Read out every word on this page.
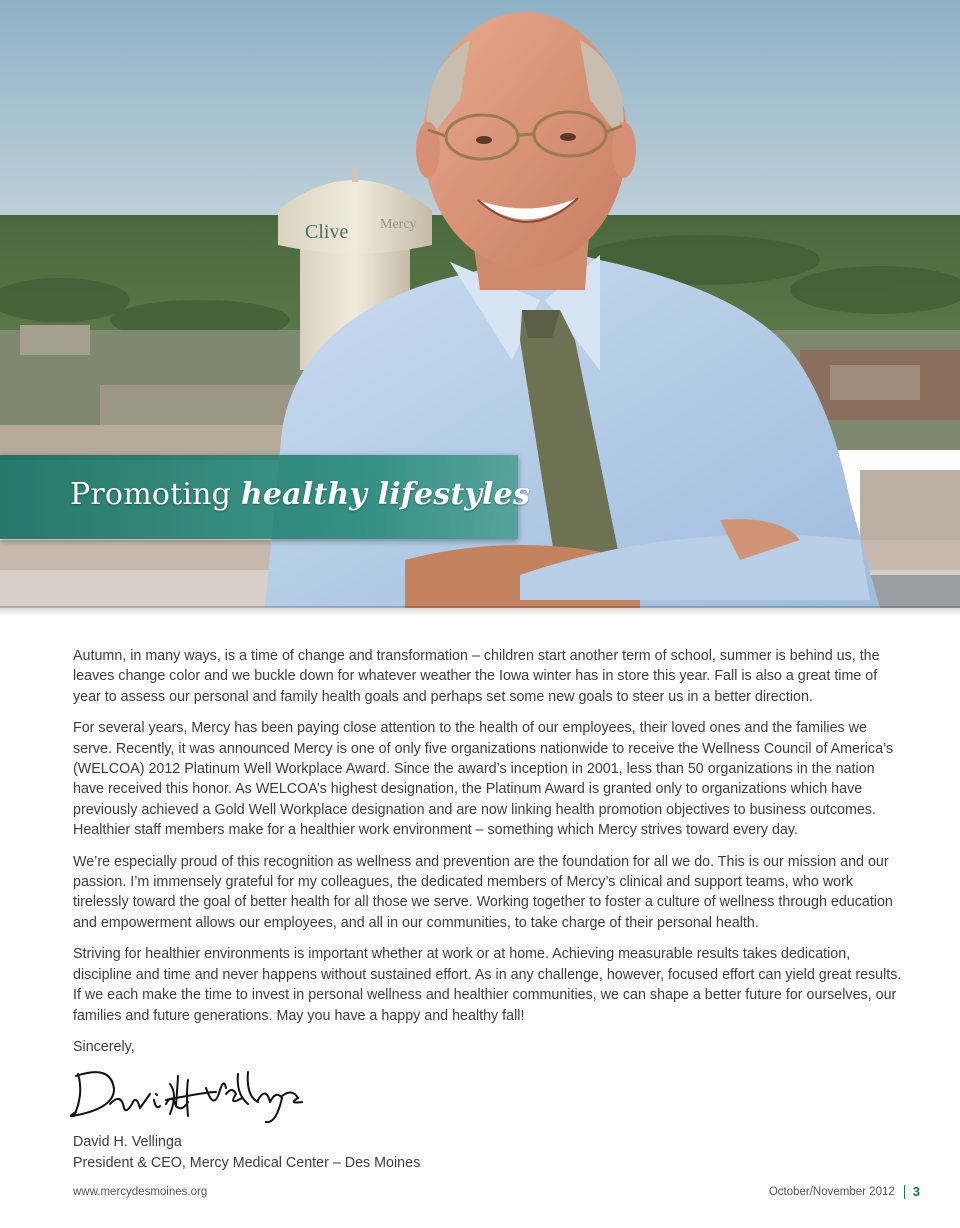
Clive Mercy
Promoting healthy lifestyles

Autumn, in many ways, is a time of change and transformation – children start another term of school, summer is behind us, the leaves change color and we buckle down for whatever weather the Iowa winter has in store this year. Fall is also a great time of year to assess our personal and family health goals and perhaps set some new goals to steer us in a better direction.

For several years, Mercy has been paying close attention to the health of our employees, their loved ones and the families we serve. Recently, it was announced Mercy is one of only five organizations nationwide to receive the Wellness Council of America’s (WELCOA) 2012 Platinum Well Workplace Award. Since the award’s inception in 2001, less than 50 organizations in the nation have received this honor. As WELCOA’s highest designation, the Platinum Award is granted only to organizations which have previously achieved a Gold Well Workplace designation and are now linking health promotion objectives to business outcomes. Healthier staff members make for a healthier work environment – something which Mercy strives toward every day.

We’re especially proud of this recognition as wellness and prevention are the foundation for all we do. This is our mission and our passion. I’m immensely grateful for my colleagues, the dedicated members of Mercy’s clinical and support teams, who work tirelessly toward the goal of better health for all those we serve. Working together to foster a culture of wellness through education and empowerment allows our employees, and all in our communities, to take charge of their personal health.

Striving for healthier environments is important whether at work or at home. Achieving measurable results takes dedication, discipline and time and never happens without sustained effort. As in any challenge, however, focused effort can yield great results. If we each make the time to invest in personal wellness and healthier communities, we can shape a better future for ourselves, our families and future generations. May you have a happy and healthy fall!

Sincerely,

David H. Vellinga
President & CEO, Mercy Medical Center – Des Moines
www.mercydesmoines.org	October/November 2012 3
